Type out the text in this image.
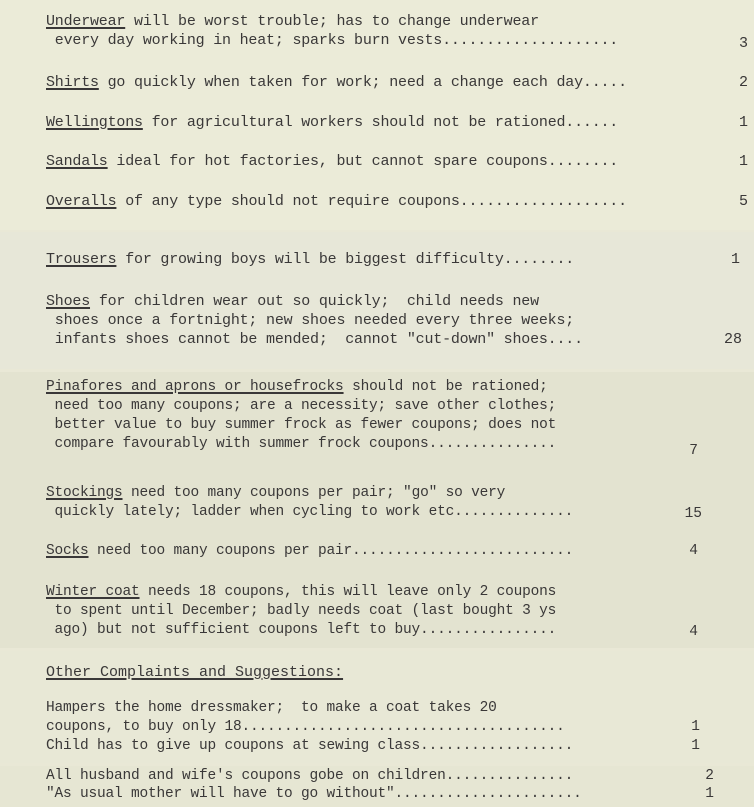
Underwear will be worst trouble; has to change underwear
every day working in heat; sparks burn vests....................	3
Shirts go quickly when taken for work; need a change each day.....	2
Wellingtons for agricultural workers should not be rationed......	1
Sandals ideal for hot factories, but cannot spare coupons........	1
Overalls of any type should not require coupons...................	5
Trousers for growing boys will be biggest difficulty........	1
Shoes for children wear out so quickly;  child needs new
shoes once a fortnight; new shoes needed every three weeks;
infants shoes cannot be mended;  cannot "cut-down" shoes....	28
Pinafores and aprons or housefrocks should not be rationed;
need too many coupons; are a necessity; save other clothes;
better value to buy summer frock as fewer coupons; does not
compare favourably with summer frock coupons...............	7
Stockings need too many coupons per pair; "go" so very
quickly lately; ladder when cycling to work etc..............	15
Socks need too many coupons per pair..........................	4
Winter coat needs 18 coupons, this will leave only 2 coupons
to spent until December; badly needs coat (last bought 3 ys
ago) but not sufficient coupons left to buy................	4
Other Complaints and Suggestions:
Hampers the home dressmaker;  to make a coat takes 20
coupons, to buy only 18......................................	1
Child has to give up coupons at sewing class..................	1
All husband and wife's coupons gobe on children...............	2
"As usual mother will have to go without"......................	1
